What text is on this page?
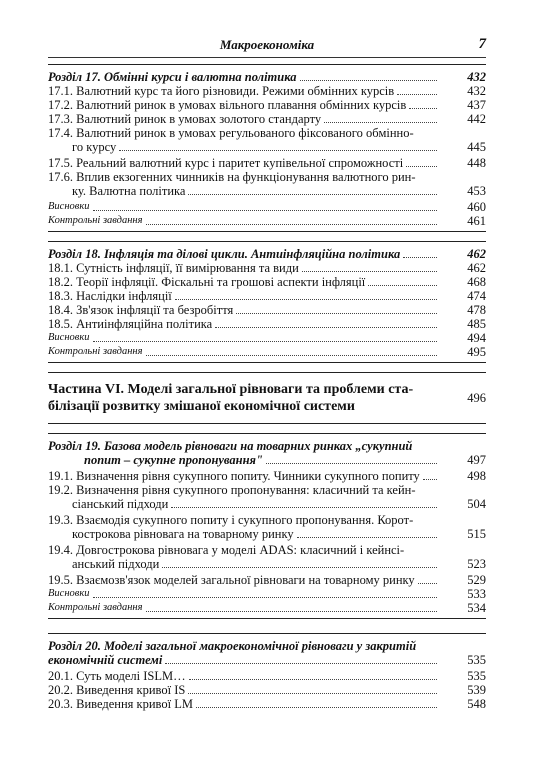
Макроекономіка	7
Розділ 17. Обмінні курси і валютна політика	432
17.1. Валютний курс та його різновиди. Режими обмінних курсів	432
17.2. Валютний ринок в умовах вільного плавання обмінних курсів	437
17.3. Валютний ринок в умовах золотого стандарту	442
17.4. Валютний ринок в умовах регульованого фіксованого обмінно-
го курсу	445
17.5. Реальний валютний курс і паритет купівельної спроможності	448
17.6. Вплив екзогенних чинників на функціонування валютного рин-
ку. Валютна політика	453
Висновки	460
Контрольні завдання	461
Розділ 18. Інфляція та ділові цикли. Антиінфляційна політика	462
18.1. Сутність інфляції, її вимірювання та види	462
18.2. Теорії інфляції. Фіскальні та грошові аспекти інфляції	468
18.3. Наслідки інфляції	474
18.4. Зв'язок інфляції та безробіття	478
18.5. Антиінфляційна політика	485
Висновки	494
Контрольні завдання	495
Частина VI. Моделі загальної рівноваги та проблеми ста-
білізації розвитку змішаної економічної системи
496
Розділ 19. Базова модель рівноваги на товарних ринках „сукупний
попит – сукупне пропонування"	497
19.1. Визначення рівня сукупного попиту. Чинники сукупного попиту	498
19.2. Визначення рівня сукупного пропонування: класичний та кейн-
сіанський підходи	504
19.3. Взаємодія сукупного попиту і сукупного пропонування. Корот-
кострокова рівновага на товарному ринку	515
19.4. Довгострокова рівновага у моделі ADAS: класичний і кейнсі-
анський підходи	523
19.5. Взаємозв'язок моделей загальної рівноваги на товарному ринку	529
Висновки	533
Контрольні завдання	534
Розділ 20. Моделі загальної макроекономічної рівноваги у закритій
економічній системі	535
20.1. Суть моделі ISLM…	535
20.2. Виведення кривої IS	539
20.3. Виведення кривої LM	548
